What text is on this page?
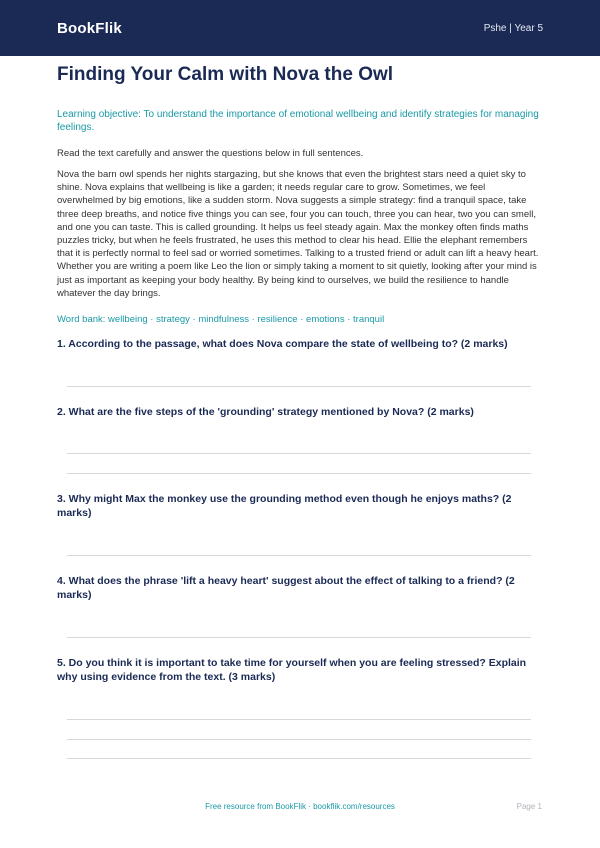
BookFlik	Pshe | Year 5
Finding Your Calm with Nova the Owl
Learning objective: To understand the importance of emotional wellbeing and identify strategies for managing feelings.
Read the text carefully and answer the questions below in full sentences.
Nova the barn owl spends her nights stargazing, but she knows that even the brightest stars need a quiet sky to shine. Nova explains that wellbeing is like a garden; it needs regular care to grow. Sometimes, we feel overwhelmed by big emotions, like a sudden storm. Nova suggests a simple strategy: find a tranquil space, take three deep breaths, and notice five things you can see, four you can touch, three you can hear, two you can smell, and one you can taste. This is called grounding. It helps us feel steady again. Max the monkey often finds maths puzzles tricky, but when he feels frustrated, he uses this method to clear his head. Ellie the elephant remembers that it is perfectly normal to feel sad or worried sometimes. Talking to a trusted friend or adult can lift a heavy heart. Whether you are writing a poem like Leo the lion or simply taking a moment to sit quietly, looking after your mind is just as important as keeping your body healthy. By being kind to ourselves, we build the resilience to handle whatever the day brings.
Word bank: wellbeing · strategy · mindfulness · resilience · emotions · tranquil
1. According to the passage, what does Nova compare the state of wellbeing to? (2 marks)
2. What are the five steps of the 'grounding' strategy mentioned by Nova? (2 marks)
3. Why might Max the monkey use the grounding method even though he enjoys maths? (2 marks)
4. What does the phrase 'lift a heavy heart' suggest about the effect of talking to a friend? (2 marks)
5. Do you think it is important to take time for yourself when you are feeling stressed? Explain why using evidence from the text. (3 marks)
Free resource from BookFlik · bookflik.com/resources	Page 1
